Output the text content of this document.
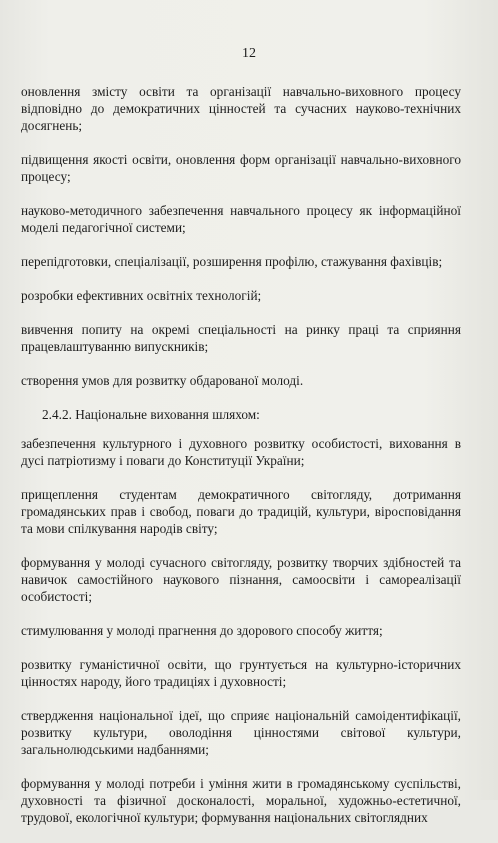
12

оновлення змісту освіти та організації навчально-виховного процесу відповідно до демократичних цінностей та сучасних науково-технічних досягнень;

підвищення якості освіти, оновлення форм організації навчально-виховного процесу;

науково-методичного забезпечення навчального процесу як інформаційної моделі педагогічної системи;

перепідготовки, спеціалізації, розширення профілю, стажування фахівців;

розробки ефективних освітніх технологій;

вивчення попиту на окремі спеціальності на ринку праці та сприяння працевлаштуванню випускників;

створення умов для розвитку обдарованої молоді.

2.4.2. Національне виховання шляхом:

забезпечення культурного і духовного розвитку особистості, виховання в дусі патріотизму і поваги до Конституції України;

прищеплення студентам демократичного світогляду, дотримання громадянських прав і свобод, поваги до традицій, культури, віросповідання та мови спілкування народів світу;

формування у молоді сучасного світогляду, розвитку творчих здібностей та навичок самостійного наукового пізнання, самоосвіти і самореалізації особистості;

стимулювання у молоді прагнення до здорового способу життя;

розвитку гуманістичної освіти, що грунтується на культурно-історичних цінностях народу, його традиціях і духовності;

ствердження національної ідеї, що сприяє національній самоідентифікації, розвитку культури, оволодіння цінностями світової культури, загальнолюдськими надбаннями;

формування у молоді потреби і уміння жити в громадянському суспільстві, духовності та фізичної досконалості, моральної, художньо-естетичної, трудової, екологічної культури; формування національних світоглядних
